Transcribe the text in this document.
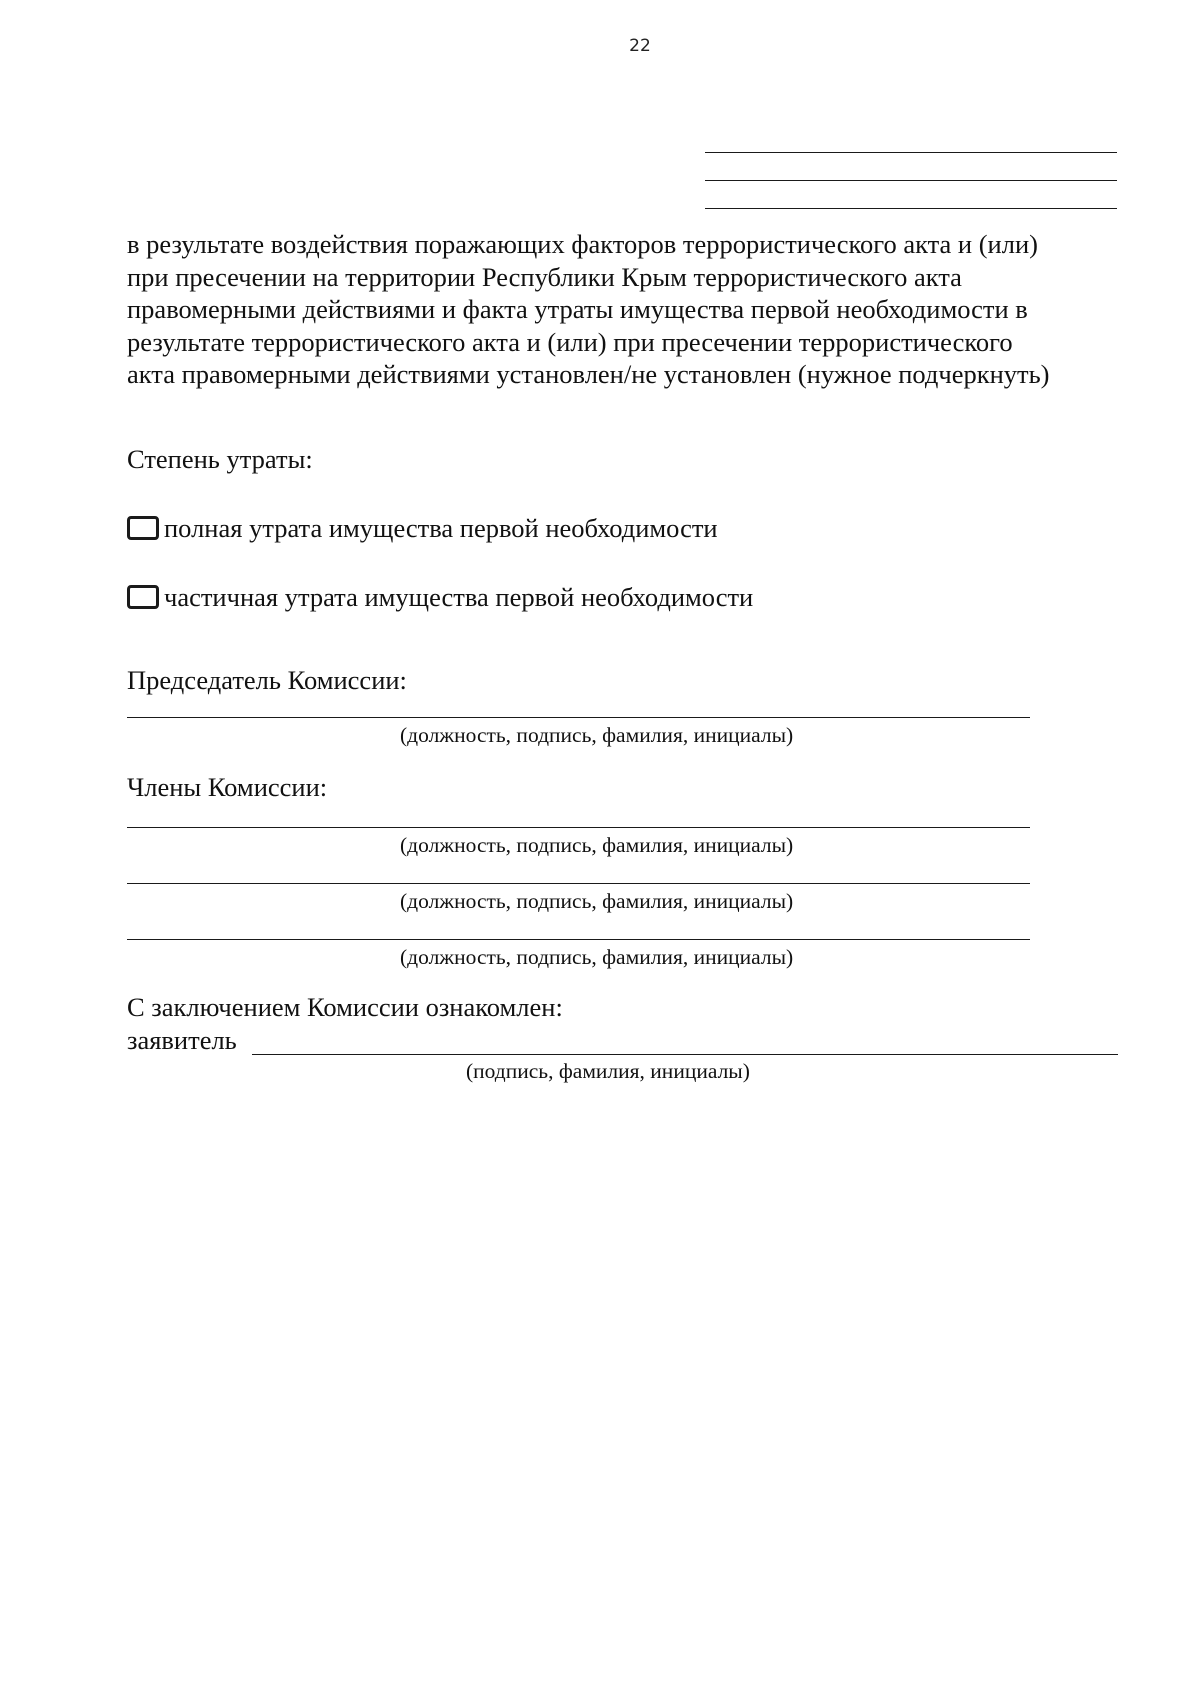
22
в результате воздействия поражающих факторов террористического акта и (или)
при пресечении на территории Республики Крым террористического акта
правомерными действиями и факта утраты имущества первой необходимости в
результате террористического акта и (или) при пресечении террористического
акта правомерными действиями установлен/не установлен (нужное подчеркнуть)
Степень утраты:
полная утрата имущества первой необходимости
частичная утрата имущества первой необходимости
Председатель Комиссии:
(должность, подпись, фамилия, инициалы)
Члены Комиссии:
(должность, подпись, фамилия, инициалы)
(должность, подпись, фамилия, инициалы)
(должность, подпись, фамилия, инициалы)
С заключением Комиссии ознакомлен:
заявитель
(подпись, фамилия, инициалы)
